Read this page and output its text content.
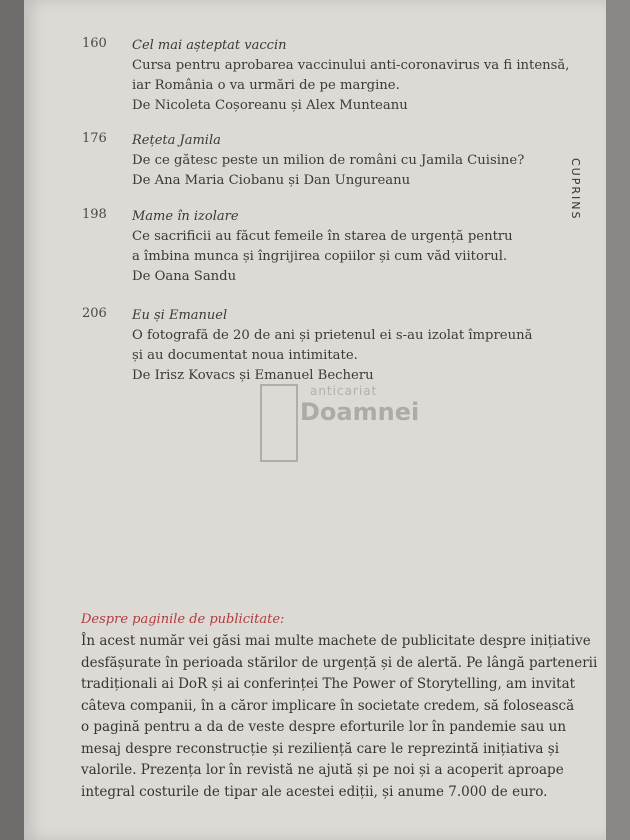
160 Cel mai așteptat vaccin

Cursa pentru aprobarea vaccinului anti-coronavirus va fi intensă,

iar România o va urmări de pe margine.

De Nicoleta Coșoreanu și Alex Munteanu

176 Rețeta Jamila

De ce gătesc peste un milion de români cu Jamila Cuisine?

De Ana Maria Ciobanu și Dan Ungureanu

198 Mame în izolare

Ce sacrificii au făcut femeile în starea de urgență pentru

a îmbina munca și îngrijirea copiilor și cum văd viitorul.

De Oana Sandu

206 Eu și Emanuel

O fotografă de 20 de ani și prietenul ei s-au izolat împreună

și au documentat noua intimitate.

De Irisz Kovacs și Emanuel Becheru

CUPRINS
anticariat
Doamnei

Despre paginile de publicitate:

În acest număr vei găsi mai multe machete de publicitate despre inițiative

desfășurate în perioada stărilor de urgență și de alertă. Pe lângă partenerii

tradiționali ai DoR și ai conferinței The Power of Storytelling, am invitat

câteva companii, în a căror implicare în societate credem, să folosească

o pagină pentru a da de veste despre eforturile lor în pandemie sau un

mesaj despre reconstrucție și reziliență care le reprezintă inițiativa și

valorile. Prezența lor în revistă ne ajută și pe noi și a acoperit aproape

integral costurile de tipar ale acestei ediții, și anume 7.000 de euro.
